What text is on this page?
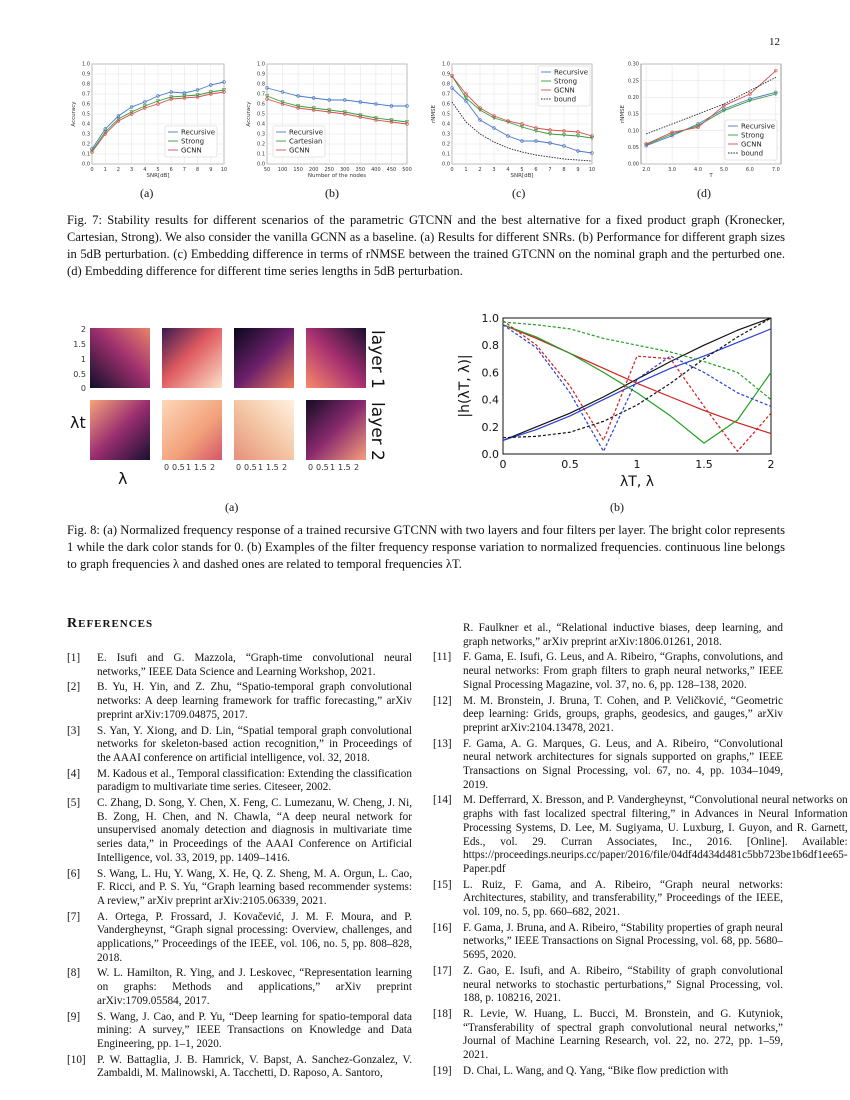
12
0.0
0.1
0.2
0.3
0.4
0.5
0.6
0.7
0.8
0.9
1.0
0 1 2 3 4 5 6 7 8 9 10
SNR[dB]
Accuracy
Recursive
Strong
GCNN
0.0
0.1
0.2
0.3
0.4
0.5
0.6
0.7
0.8
0.9
1.0
50 100 150 200 250 300 350 400 450 500
Number of the nodes
Accuracy
Recursive
Cartesian
GCNN
0.0
0.1
0.2
0.3
0.4
0.5
0.6
0.7
0.8
0.9
1.0
0 1 2 3 4 5 6 7 8 9 10
SNR[dB]
rNMSE
Recursive
Strong
GCNN
bound
0.00
0.05
0.10
0.15
0.20
0.25
0.30
2.0	3.0	4.0	5.0	6.0	7.0
T
rNMSE
Recursive
Strong
GCNN
bound
(a)	(b)	(c)	(d)
Fig. 7: Stability results for different scenarios of the parametric GTCNN and the best alternative for a fixed product graph (Kronecker, Cartesian, Strong). We also consider the vanilla GCNN as a baseline. (a) Results for different SNRs. (b) Performance for different graph sizes in 5dB perturbation. (c) Embedding difference in terms of rNMSE between the trained GTCNN on the nominal graph and the perturbed one. (d) Embedding difference for different time series lengths in 5dB perturbation.
2
1.5
1
0.5
0
0 0.5 1 1.5 2	0 0.5 1 1.5 2	0 0.5 1 1.5 2
λt
λ
layer 1
layer 2	0.0
0.2
0.4
0.6
0.8
1.0
0	0.5	1	1.5	2
λT, λ
|h(λT, λ)|
(a)	(b)
Fig. 8: (a) Normalized frequency response of a trained recursive GTCNN with two layers and four filters per layer. The bright color represents 1 while the dark color stands for 0. (b) Examples of the filter frequency response variation to normalized frequencies. continuous line belongs to graph frequencies λ and dashed ones are related to temporal frequencies λT.
REFERENCES
[1]	E. Isufi and G. Mazzola, “Graph-time convolutional neural networks,” IEEE Data Science and Learning Workshop, 2021.
[2]	B. Yu, H. Yin, and Z. Zhu, “Spatio-temporal graph convolutional networks: A deep learning framework for traffic forecasting,” arXiv preprint arXiv:1709.04875, 2017.
[3]	S. Yan, Y. Xiong, and D. Lin, “Spatial temporal graph convolutional networks for skeleton-based action recognition,” in Proceedings of the AAAI conference on artificial intelligence, vol. 32, 2018.
[4]	M. Kadous et al., Temporal classification: Extending the classification paradigm to multivariate time series. Citeseer, 2002.
[5]	C. Zhang, D. Song, Y. Chen, X. Feng, C. Lumezanu, W. Cheng, J. Ni, B. Zong, H. Chen, and N. Chawla, “A deep neural network for unsupervised anomaly detection and diagnosis in multivariate time series data,” in Proceedings of the AAAI Conference on Artificial Intelligence, vol. 33, 2019, pp. 1409–1416.
[6]	S. Wang, L. Hu, Y. Wang, X. He, Q. Z. Sheng, M. A. Orgun, L. Cao, F. Ricci, and P. S. Yu, “Graph learning based recommender systems: A review,” arXiv preprint arXiv:2105.06339, 2021.
[7]	A. Ortega, P. Frossard, J. Kovačević, J. M. F. Moura, and P. Vandergheynst, “Graph signal processing: Overview, challenges, and applications,” Proceedings of the IEEE, vol. 106, no. 5, pp. 808–828, 2018.
[8]	W. L. Hamilton, R. Ying, and J. Leskovec, “Representation learning on graphs: Methods and applications,” arXiv preprint arXiv:1709.05584, 2017.
[9]	S. Wang, J. Cao, and P. Yu, “Deep learning for spatio-temporal data mining: A survey,” IEEE Transactions on Knowledge and Data Engineering, pp. 1–1, 2020.
[10]	P. W. Battaglia, J. B. Hamrick, V. Bapst, A. Sanchez-Gonzalez, V. Zambaldi, M. Malinowski, A. Tacchetti, D. Raposo, A. Santoro,
R. Faulkner et al., “Relational inductive biases, deep learning, and graph networks,” arXiv preprint arXiv:1806.01261, 2018.
[11]	F. Gama, E. Isufi, G. Leus, and A. Ribeiro, “Graphs, convolutions, and neural networks: From graph filters to graph neural networks,” IEEE Signal Processing Magazine, vol. 37, no. 6, pp. 128–138, 2020.
[12]	M. M. Bronstein, J. Bruna, T. Cohen, and P. Veličković, “Geometric deep learning: Grids, groups, graphs, geodesics, and gauges,” arXiv preprint arXiv:2104.13478, 2021.
[13]	F. Gama, A. G. Marques, G. Leus, and A. Ribeiro, “Convolutional neural network architectures for signals supported on graphs,” IEEE Transactions on Signal Processing, vol. 67, no. 4, pp. 1034–1049, 2019.
[14]	M. Defferrard, X. Bresson, and P. Vandergheynst, “Convolutional neural networks on graphs with fast localized spectral filtering,” in Advances in Neural Information Processing Systems, D. Lee, M. Sugiyama, U. Luxburg, I. Guyon, and R. Garnett, Eds., vol. 29. Curran Associates, Inc., 2016. [Online]. Available: https://proceedings.neurips.cc/paper/2016/file/04df4d434d481c5bb723be1b6df1ee65-Paper.pdf
[15]	L. Ruiz, F. Gama, and A. Ribeiro, “Graph neural networks: Architectures, stability, and transferability,” Proceedings of the IEEE, vol. 109, no. 5, pp. 660–682, 2021.
[16]	F. Gama, J. Bruna, and A. Ribeiro, “Stability properties of graph neural networks,” IEEE Transactions on Signal Processing, vol. 68, pp. 5680–5695, 2020.
[17]	Z. Gao, E. Isufi, and A. Ribeiro, “Stability of graph convolutional neural networks to stochastic perturbations,” Signal Processing, vol. 188, p. 108216, 2021.
[18]	R. Levie, W. Huang, L. Bucci, M. Bronstein, and G. Kutyniok, “Transferability of spectral graph convolutional neural networks,” Journal of Machine Learning Research, vol. 22, no. 272, pp. 1–59, 2021.
[19]	D. Chai, L. Wang, and Q. Yang, “Bike flow prediction with
